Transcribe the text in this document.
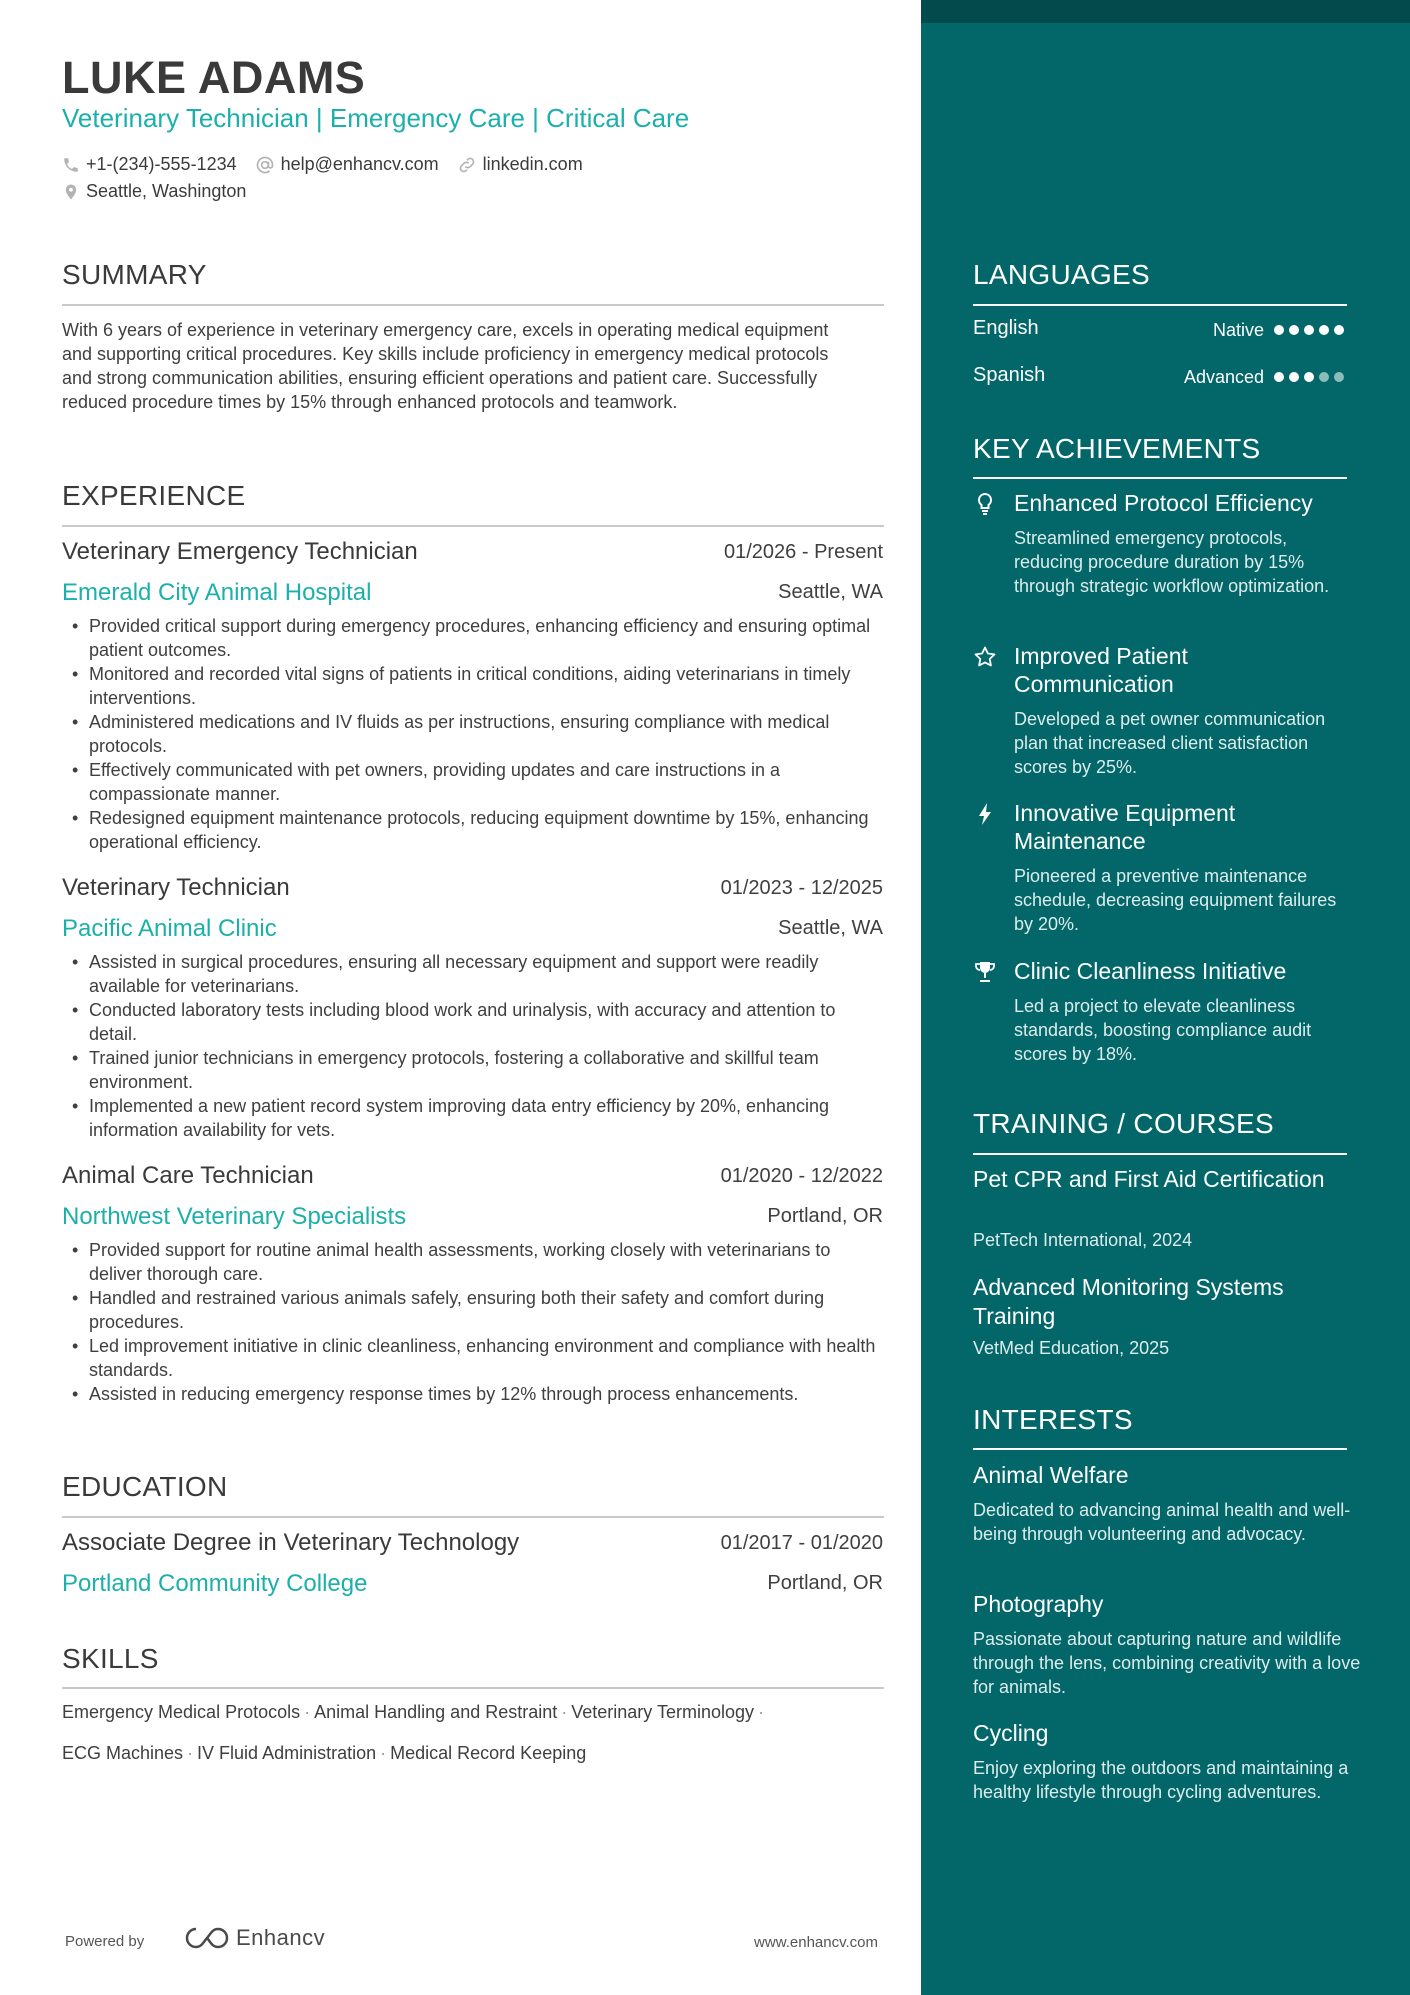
LUKE ADAMS
Veterinary Technician | Emergency Care | Critical Care
+1-(234)-555-1234 help@enhancv.com linkedin.com
Seattle, Washington
SUMMARY
With 6 years of experience in veterinary emergency care, excels in operating medical equipment and supporting critical procedures. Key skills include proficiency in emergency medical protocols and strong communication abilities, ensuring efficient operations and patient care. Successfully reduced procedure times by 15% through enhanced protocols and teamwork.
EXPERIENCE
Veterinary Emergency Technician	01/2026 - Present
Emerald City Animal Hospital	Seattle, WA
• Provided critical support during emergency procedures, enhancing efficiency and ensuring optimal patient outcomes.
• Monitored and recorded vital signs of patients in critical conditions, aiding veterinarians in timely interventions.
• Administered medications and IV fluids as per instructions, ensuring compliance with medical protocols.
• Effectively communicated with pet owners, providing updates and care instructions in a compassionate manner.
• Redesigned equipment maintenance protocols, reducing equipment downtime by 15%, enhancing operational efficiency.
Veterinary Technician	01/2023 - 12/2025
Pacific Animal Clinic	Seattle, WA
• Assisted in surgical procedures, ensuring all necessary equipment and support were readily available for veterinarians.
• Conducted laboratory tests including blood work and urinalysis, with accuracy and attention to detail.
• Trained junior technicians in emergency protocols, fostering a collaborative and skillful team environment.
• Implemented a new patient record system improving data entry efficiency by 20%, enhancing information availability for vets.
Animal Care Technician	01/2020 - 12/2022
Northwest Veterinary Specialists	Portland, OR
• Provided support for routine animal health assessments, working closely with veterinarians to deliver thorough care.
• Handled and restrained various animals safely, ensuring both their safety and comfort during procedures.
• Led improvement initiative in clinic cleanliness, enhancing environment and compliance with health standards.
• Assisted in reducing emergency response times by 12% through process enhancements.
EDUCATION
Associate Degree in Veterinary Technology	01/2017 - 01/2020
Portland Community College	Portland, OR
SKILLS
Emergency Medical Protocols · Animal Handling and Restraint · Veterinary Terminology ·
ECG Machines · IV Fluid Administration · Medical Record Keeping
Powered by	Enhancv	www.enhancv.com
LANGUAGES
English	Native
Spanish	Advanced
KEY ACHIEVEMENTS
Enhanced Protocol Efficiency
Streamlined emergency protocols, reducing procedure duration by 15% through strategic workflow optimization.
Improved Patient Communication
Developed a pet owner communication plan that increased client satisfaction scores by 25%.
Innovative Equipment Maintenance
Pioneered a preventive maintenance schedule, decreasing equipment failures by 20%.
Clinic Cleanliness Initiative
Led a project to elevate cleanliness standards, boosting compliance audit scores by 18%.
TRAINING / COURSES
Pet CPR and First Aid Certification
PetTech International, 2024
Advanced Monitoring Systems Training
VetMed Education, 2025
INTERESTS
Animal Welfare
Dedicated to advancing animal health and well-being through volunteering and advocacy.
Photography
Passionate about capturing nature and wildlife through the lens, combining creativity with a love for animals.
Cycling
Enjoy exploring the outdoors and maintaining a healthy lifestyle through cycling adventures.
